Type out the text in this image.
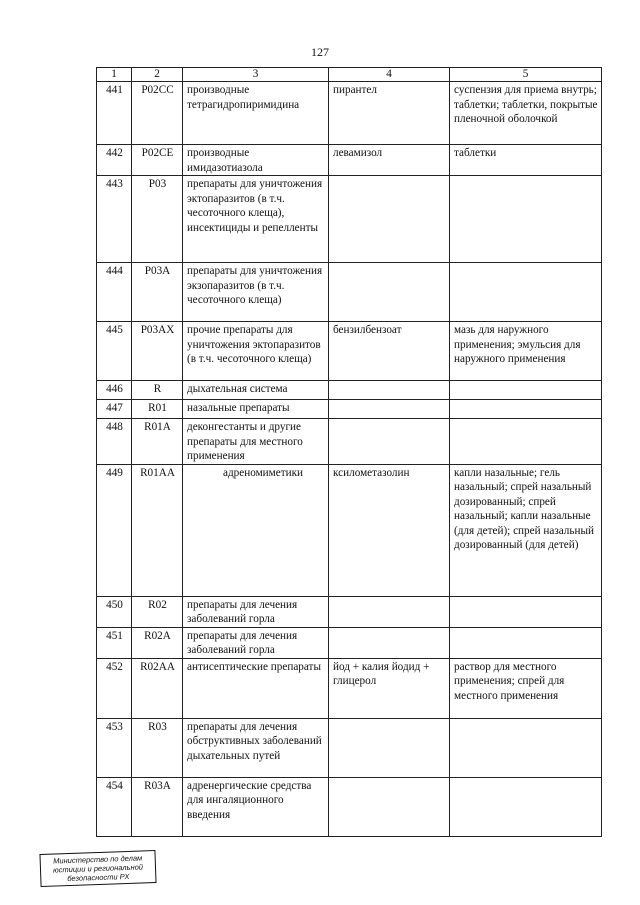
127
1	2	3	4	5
441	P02CC	производные тетрагидропиримидина	пирантел	суспензия для приема внутрь; таблетки; таблетки, покрытые пленочной оболочкой
442	P02CE	производные имидазотиазола	левамизол	таблетки
443	P03	препараты для уничтожения эктопаразитов (в т.ч. чесоточного клеща), инсектициды и репелленты		
444	P03A	препараты для уничтожения экзопаразитов (в т.ч. чесоточного клеща)		
445	P03AX	прочие препараты для уничтожения эктопаразитов (в т.ч. чесоточного клеща)	бензилбензоат	мазь для наружного применения; эмульсия для наружного применения
446	R	дыхательная система		
447	R01	назальные препараты		
448	R01A	деконгестанты и другие препараты для местного применения		
449	R01AA	адреномиметики	ксилометазолин	капли назальные; гель назальный; спрей назальный дозированный; спрей назальный; капли назальные (для детей); спрей назальный дозированный (для детей)
450	R02	препараты для лечения заболеваний горла		
451	R02A	препараты для лечения заболеваний горла		
452	R02AA	антисептические препараты	йод + калия йодид + глицерол	раствор для местного применения; спрей для местного применения
453	R03	препараты для лечения обструктивных заболеваний дыхательных путей		
454	R03A	адренергические средства для ингаляционного введения		
Министерство по делам юстиции и региональной безопасности РХ
